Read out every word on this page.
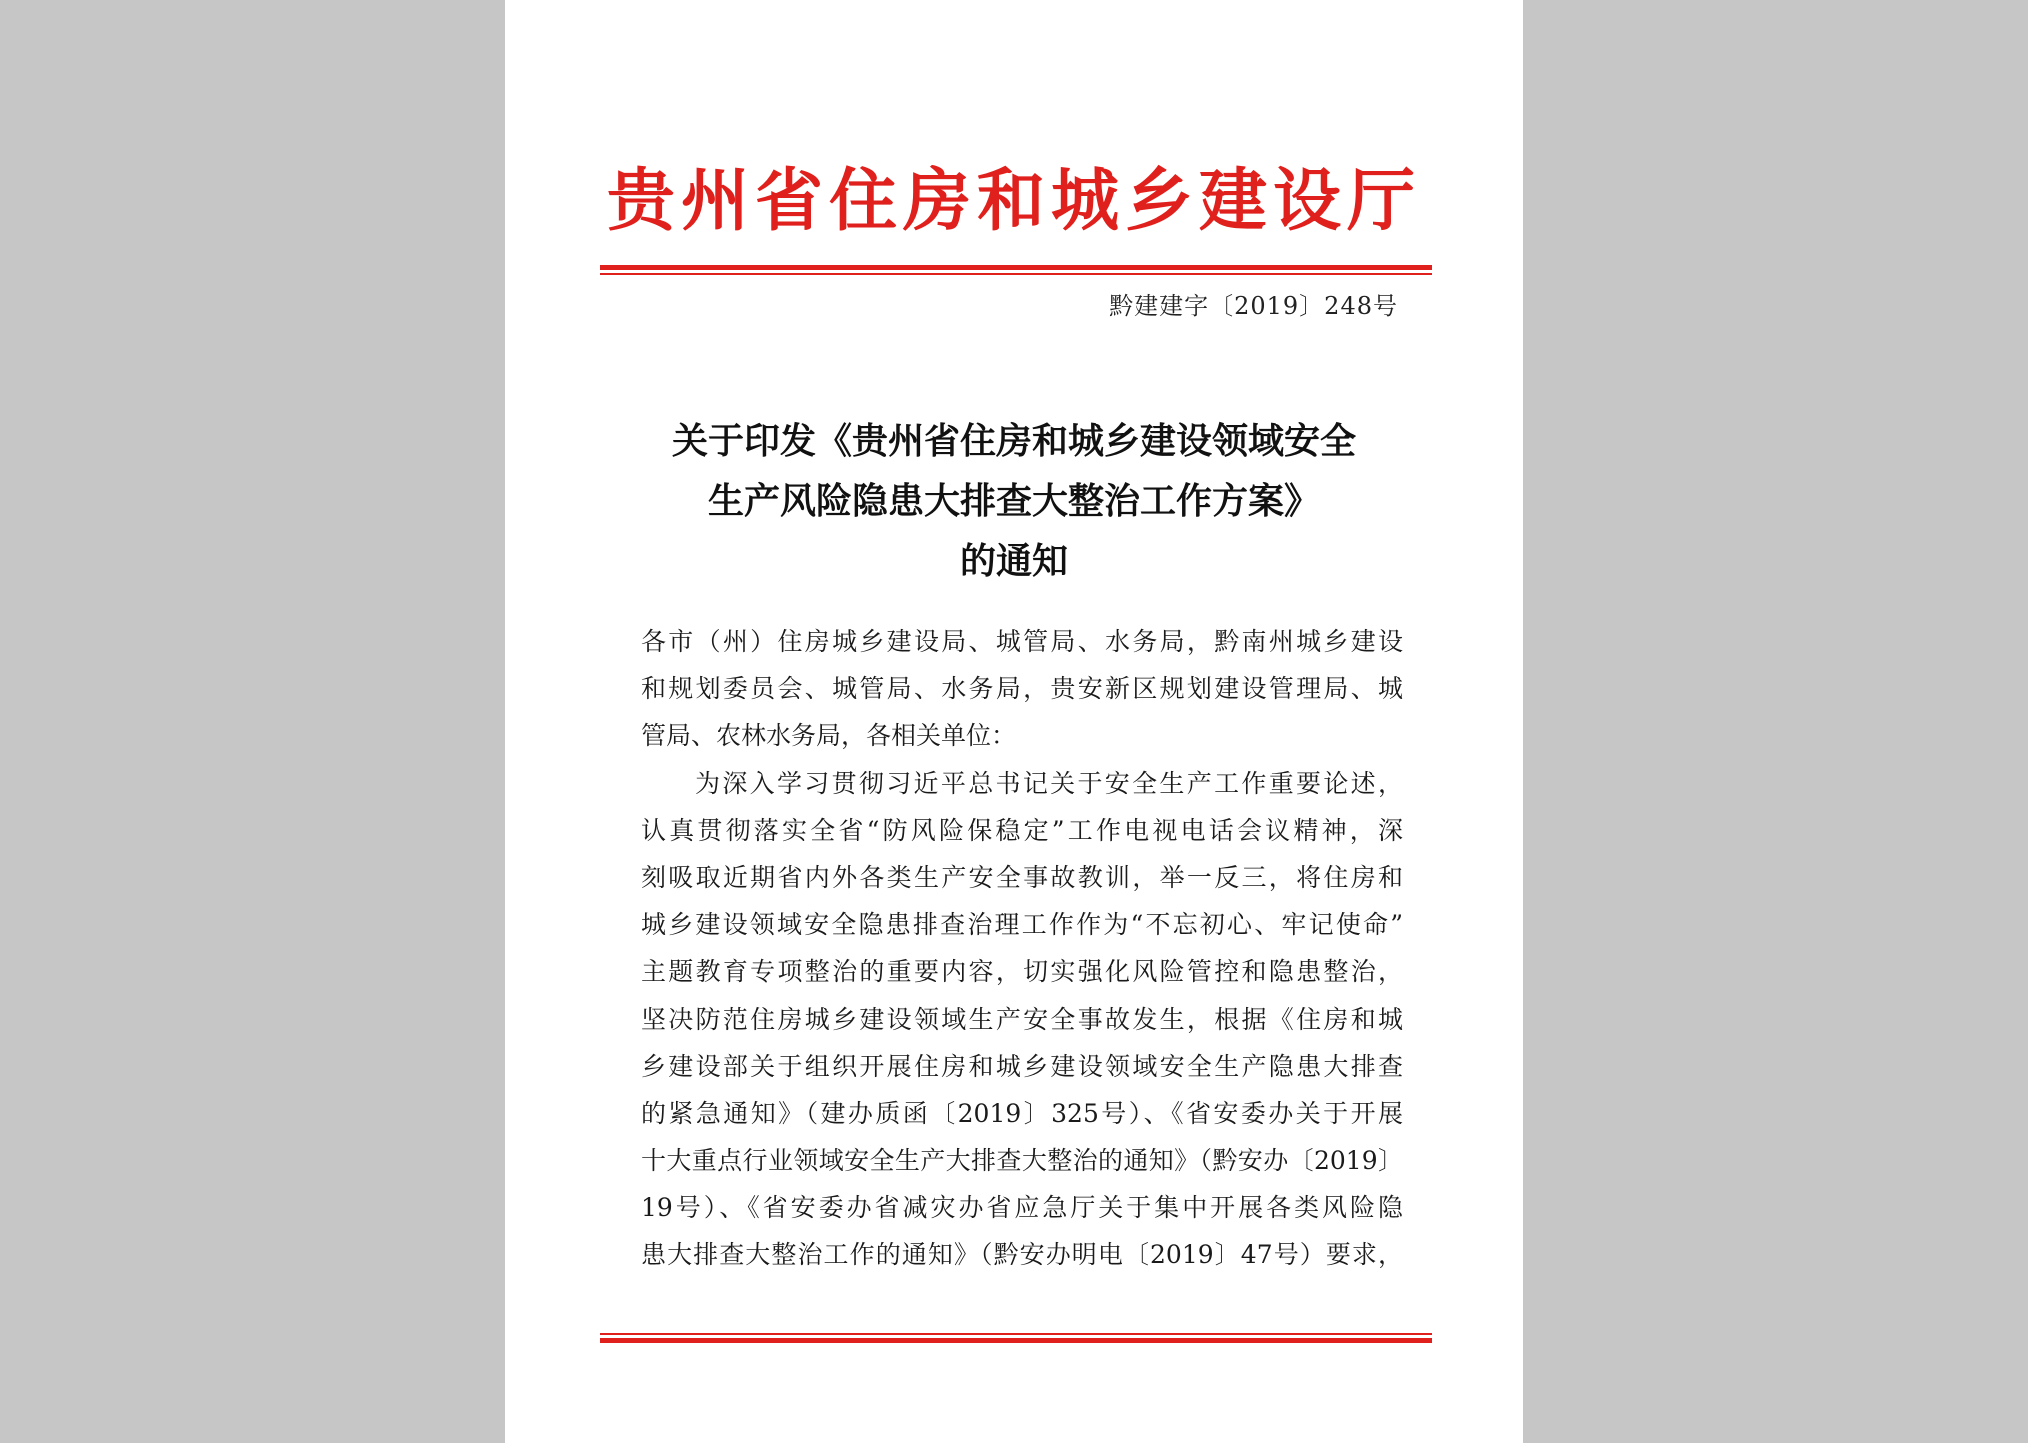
贵州省住房和城乡建设厅
黔建建字〔2019〕248号
关于印发《贵州省住房和城乡建设领域安全
生产风险隐患大排查大整治工作方案》
的通知
各市（州）住房城乡建设局、城管局、水务局，黔南州城乡建设
和规划委员会、城管局、水务局，贵安新区规划建设管理局、城
管局、农林水务局，各相关单位：
为深入学习贯彻习近平总书记关于安全生产工作重要论述，
认真贯彻落实全省“防风险保稳定”工作电视电话会议精神，深
刻吸取近期省内外各类生产安全事故教训，举一反三，将住房和
城乡建设领域安全隐患排查治理工作作为“不忘初心、牢记使命”
主题教育专项整治的重要内容，切实强化风险管控和隐患整治，
坚决防范住房城乡建设领域生产安全事故发生，根据《住房和城
乡建设部关于组织开展住房和城乡建设领域安全生产隐患大排查
的紧急通知》（建办质函〔2019〕325号）、《省安委办关于开展
十大重点行业领域安全生产大排查大整治的通知》（黔安办〔2019〕
19号）、《省安委办省减灾办省应急厅关于集中开展各类风险隐
患大排查大整治工作的通知》（黔安办明电〔2019〕47号）要求，
